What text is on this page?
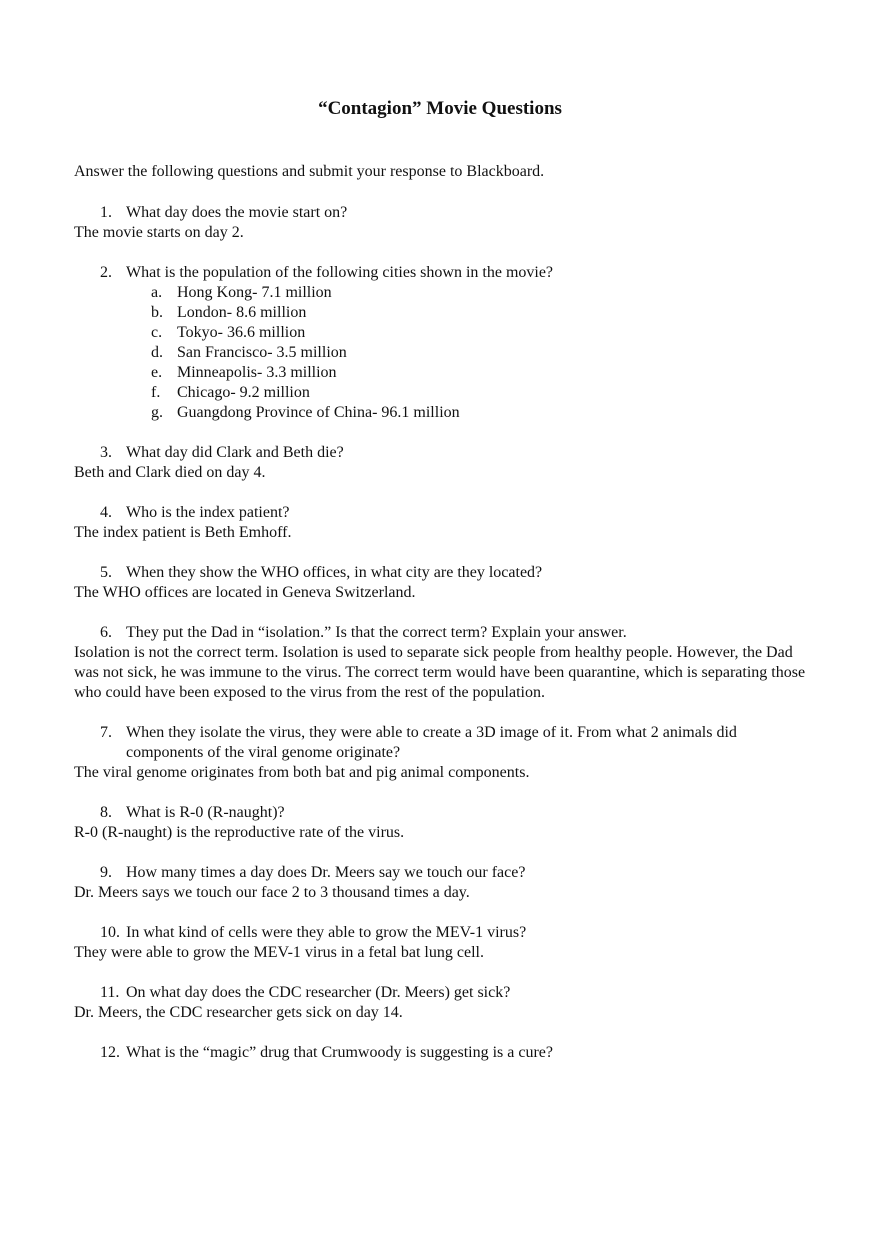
“Contagion” Movie Questions
Answer the following questions and submit your response to Blackboard.
1. What day does the movie start on?
The movie starts on day 2.
2. What is the population of the following cities shown in the movie?
a. Hong Kong- 7.1 million
b. London- 8.6 million
c. Tokyo- 36.6 million
d. San Francisco- 3.5 million
e. Minneapolis- 3.3 million
f. Chicago- 9.2 million
g. Guangdong Province of China- 96.1 million
3. What day did Clark and Beth die?
Beth and Clark died on day 4.
4. Who is the index patient?
The index patient is Beth Emhoff.
5. When they show the WHO offices, in what city are they located?
The WHO offices are located in Geneva Switzerland.
6. They put the Dad in “isolation.” Is that the correct term? Explain your answer.
Isolation is not the correct term. Isolation is used to separate sick people from healthy people. However, the Dad was not sick, he was immune to the virus. The correct term would have been quarantine, which is separating those who could have been exposed to the virus from the rest of the population.
7. When they isolate the virus, they were able to create a 3D image of it. From what 2 animals did components of the viral genome originate?
The viral genome originates from both bat and pig animal components.
8. What is R-0 (R-naught)?
R-0 (R-naught) is the reproductive rate of the virus.
9. How many times a day does Dr. Meers say we touch our face?
Dr. Meers says we touch our face 2 to 3 thousand times a day.
10. In what kind of cells were they able to grow the MEV-1 virus?
They were able to grow the MEV-1 virus in a fetal bat lung cell.
11. On what day does the CDC researcher (Dr. Meers) get sick?
Dr. Meers, the CDC researcher gets sick on day 14.
12. What is the “magic” drug that Crumwoody is suggesting is a cure?
